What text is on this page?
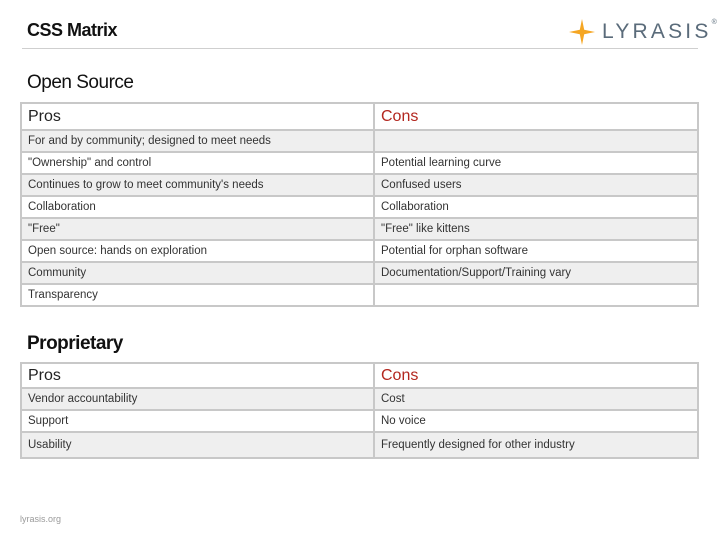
CSS Matrix	LYRASIS ®
Open Source
Pros	Cons
For and by community; designed to meet needs	
"Ownership" and control	Potential learning curve
Continues to grow to meet community's needs	Confused users
Collaboration	Collaboration
"Free"	"Free" like kittens
Open source: hands on exploration	Potential for orphan software
Community	Documentation/Support/Training vary
Transparency	
Proprietary
Pros	Cons
Vendor accountability	Cost
Support	No voice
Usability	Frequently designed for other industry
lyrasis.org
